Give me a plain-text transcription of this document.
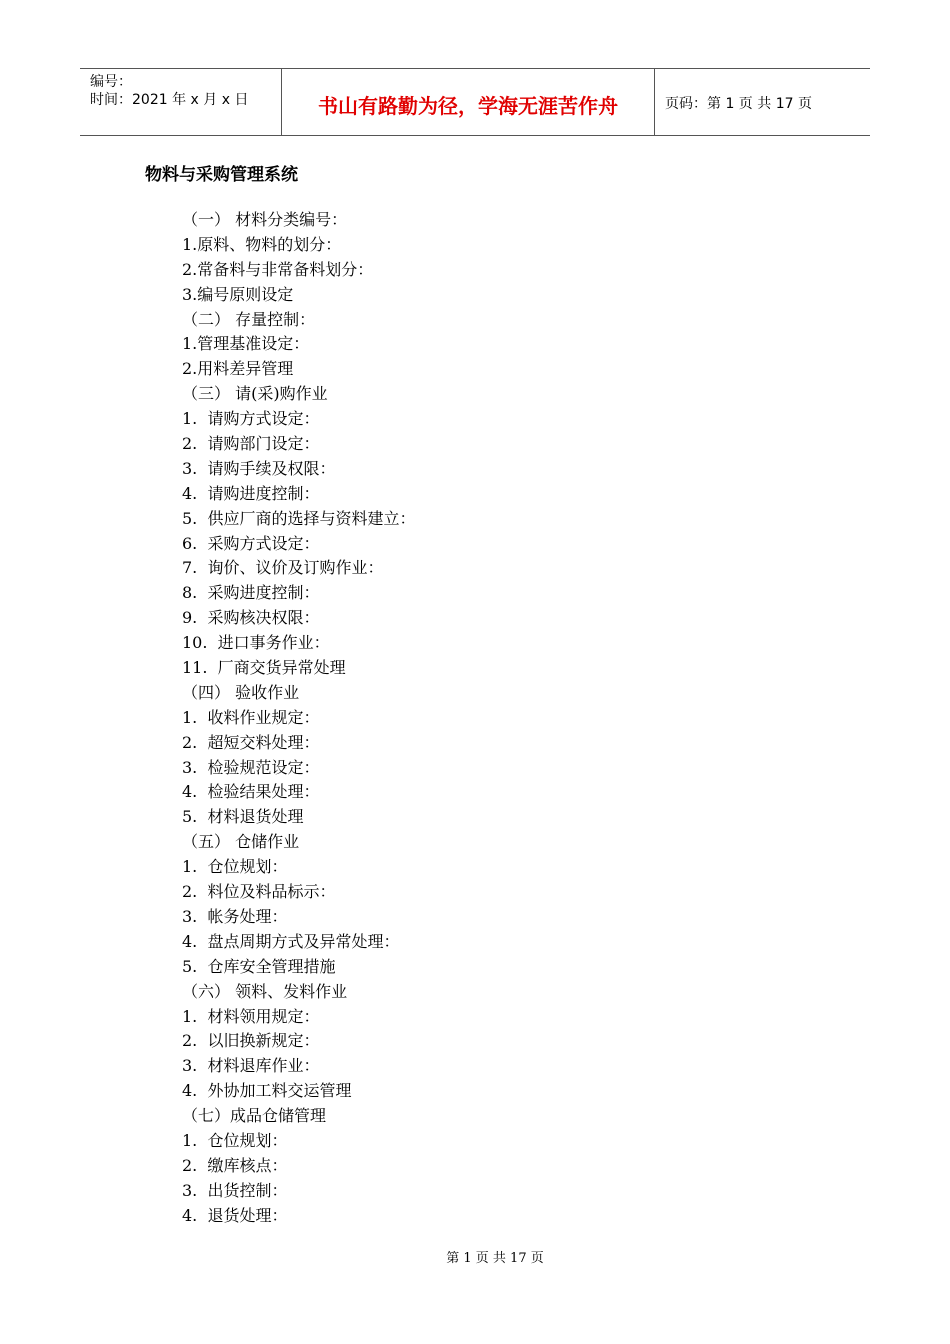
编号：
时间：2021 年 x 月 x 日	书山有路勤为径，学海无涯苦作舟	页码：第 1 页 共 17 页
物料与采购管理系统
（一） 材料分类编号：
1.原料、物料的划分：
2.常备料与非常备料划分：
3.编号原则设定
（二） 存量控制：
1.管理基准设定：
2.用料差异管理
（三） 请(采)购作业
1.  请购方式设定：
2.  请购部门设定：
3.  请购手续及权限：
4.  请购进度控制：
5.  供应厂商的选择与资料建立：
6.  采购方式设定：
7.  询价、议价及订购作业：
8.  采购进度控制：
9.  采购核决权限：
10.  进口事务作业：
11.  厂商交货异常处理
（四） 验收作业
1.  收料作业规定：
2.  超短交料处理：
3.  检验规范设定：
4.  检验结果处理：
5.  材料退货处理
（五） 仓储作业
1.  仓位规划：
2.  料位及料品标示：
3.  帐务处理：
4.  盘点周期方式及异常处理：
5.  仓库安全管理措施
（六） 领料、发料作业
1.  材料领用规定：
2.  以旧换新规定：
3.  材料退库作业：
4.  外协加工料交运管理
（七）成品仓储管理
1.  仓位规划：
2.  缴库核点：
3.  出货控制：
4.  退货处理：
第 1 页 共 17 页
